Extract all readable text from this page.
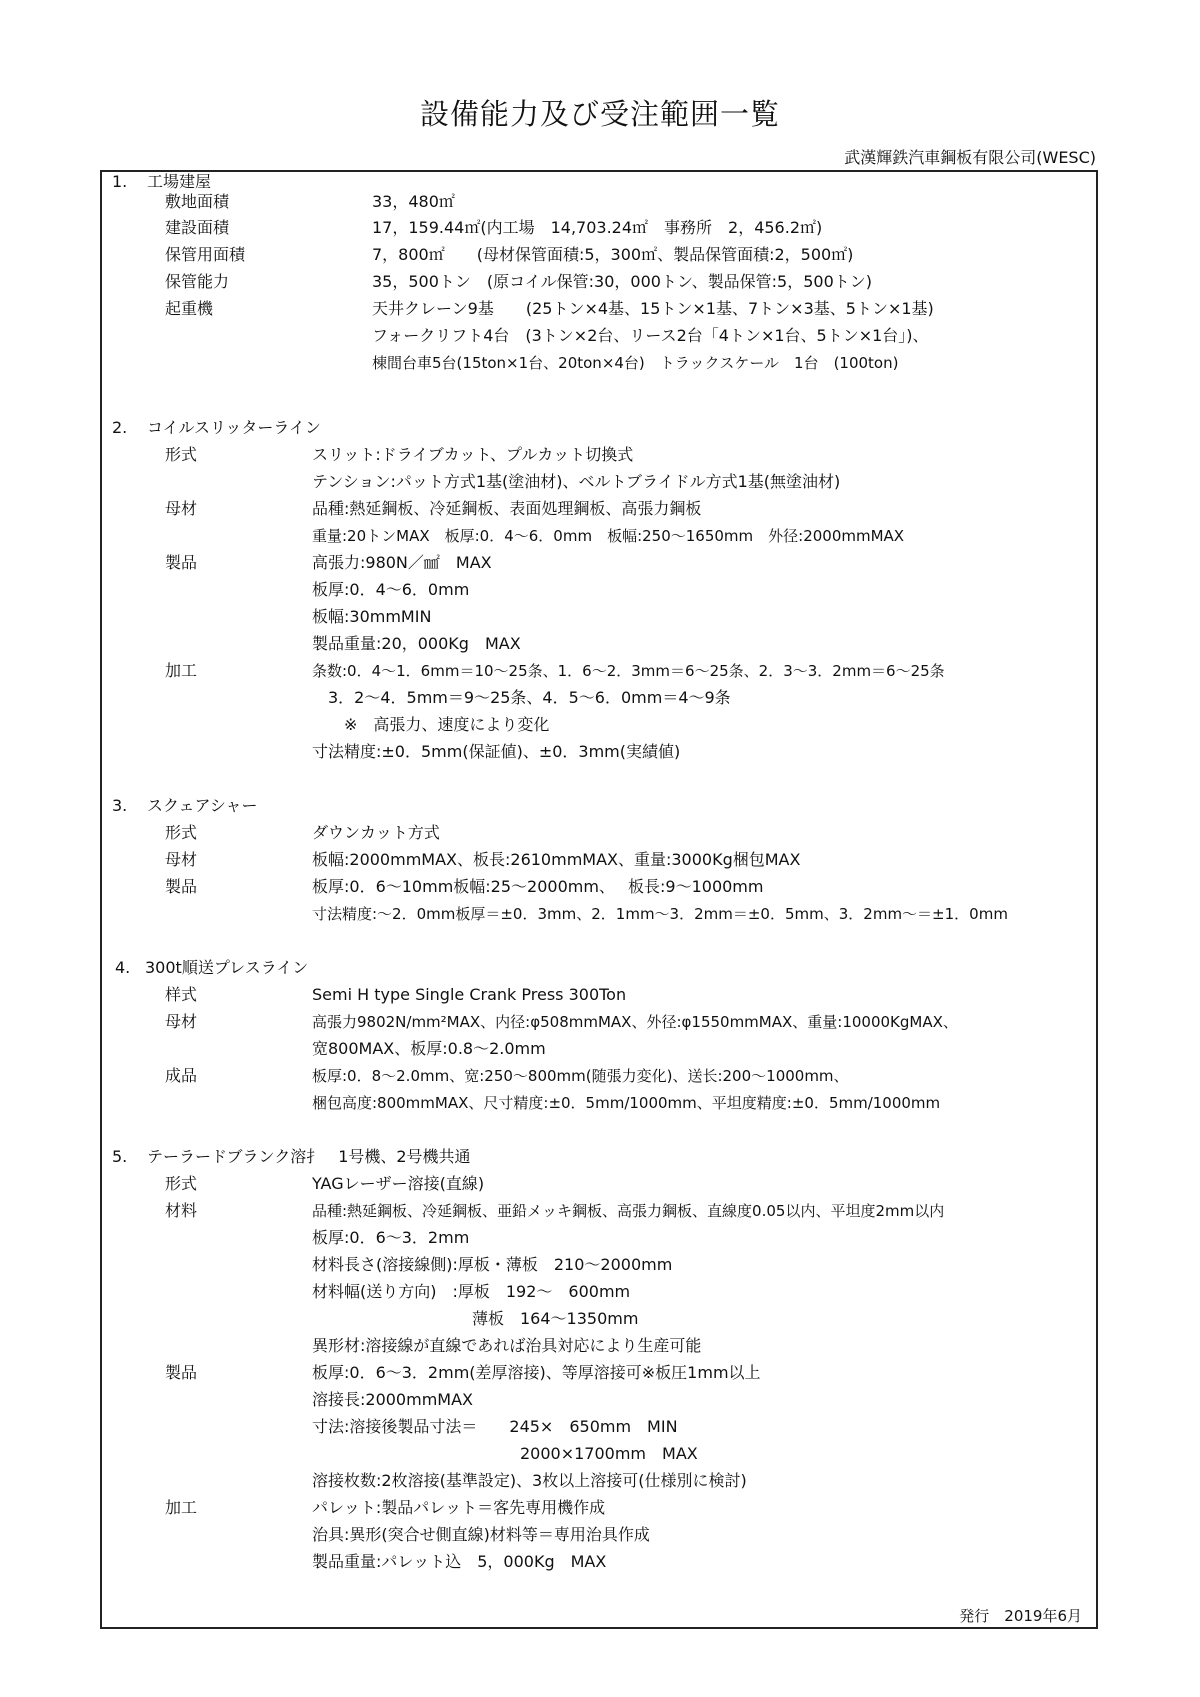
設備能力及び受注範囲一覧
武漢輝鉄汽車鋼板有限公司(WESC)
1. 工場建屋
敷地面積	33，480㎡
建設面積	17，159.44㎡(内工場　14,703.24㎡　事務所　2，456.2㎡)
保管用面積	7，800㎡　　(母材保管面積:5，300㎡、製品保管面積:2，500㎡)
保管能力	35，500トン　(原コイル保管:30，000トン、製品保管:5，500トン)
起重機	天井クレーン9基　　(25トン×4基、15トン×1基、7トン×3基、5トン×1基)
フォークリフト4台　(3トン×2台、リース2台「4トン×1台、5トン×1台」)、
棟間台車5台(15ton×1台、20ton×4台)　トラックスケール　1台　(100ton)
2. コイルスリッターライン
形式	スリット:ドライブカット、プルカット切換式
テンション:パット方式1基(塗油材)、ベルトブライドル方式1基(無塗油材)
母材	品種:熱延鋼板、冷延鋼板、表面処理鋼板、高張力鋼板
重量:20トンMAX　板厚:0．4～6．0mm　板幅:250～1650mm　外径:2000mmMAX
製品	高張力:980N／㎟　MAX
板厚:0．4～6．0mm
板幅:30mmMIN
製品重量:20，000Kg　MAX
加工	条数:0．4～1．6mm＝10～25条、1．6～2．3mm＝6～25条、2．3～3．2mm＝6～25条
　3．2～4．5mm＝9～25条、4．5～6．0mm＝4～9条
　　※　高張力、速度により変化
寸法精度:±0．5mm(保証値)、±0．3mm(実績値)
3. スクェアシャー
形式	ダウンカット方式
母材	板幅:2000mmMAX、板長:2610mmMAX、重量:3000Kg梱包MAX
製品	板厚:0．6～10mm板幅:25～2000mm、　 板長:9～1000mm
寸法精度:～2．0mm板厚＝±0．3mm、2．1mm～3．2mm＝±0．5mm、3．2mm～＝±1．0mm
4. 300t順送プレスライン
样式	Semi H type Single Crank Press 300Ton
母材	高張力9802N/mm²MAX、内径:φ508mmMAX、外径:φ1550mmMAX、重量:10000KgMAX、
宽800MAX、板厚:0.8～2.0mm
成品	板厚:0．8～2.0mm、宽:250～800mm(随張力変化)、送长:200～1000mm、
梱包高度:800mmMAX、尺寸精度:±0．5mm/1000mm、平坦度精度:±0．5mm/1000mm
5. テーラードブランク溶扌　1号機、2号機共通
形式	YAGレーザー溶接(直線)
材料	品種:熱延鋼板、冷延鋼板、亜鉛メッキ鋼板、高張力鋼板、直線度0.05以内、平坦度2mm以内
板厚:0．6～3．2mm
材料長さ(溶接線側):厚板・薄板　210～2000mm
材料幅(送り方向)　:厚板　192～　600mm
　　　　　　　　　　薄板　164～1350mm
異形材:溶接線が直線であれば治具対応により生産可能
製品	板厚:0．6～3．2mm(差厚溶接)、等厚溶接可※板圧1mm以上
溶接長:2000mmMAX
寸法:溶接後製品寸法＝　　245×　650mm　MIN
　　　　　　　　　　　　　2000×1700mm　MAX
溶接枚数:2枚溶接(基準設定)、3枚以上溶接可(仕様別に検討)
加工	パレット:製品パレット＝客先専用機作成
治具:異形(突合せ側直線)材料等＝専用治具作成
製品重量:パレット込　5，000Kg　MAX
発行　2019年6月
